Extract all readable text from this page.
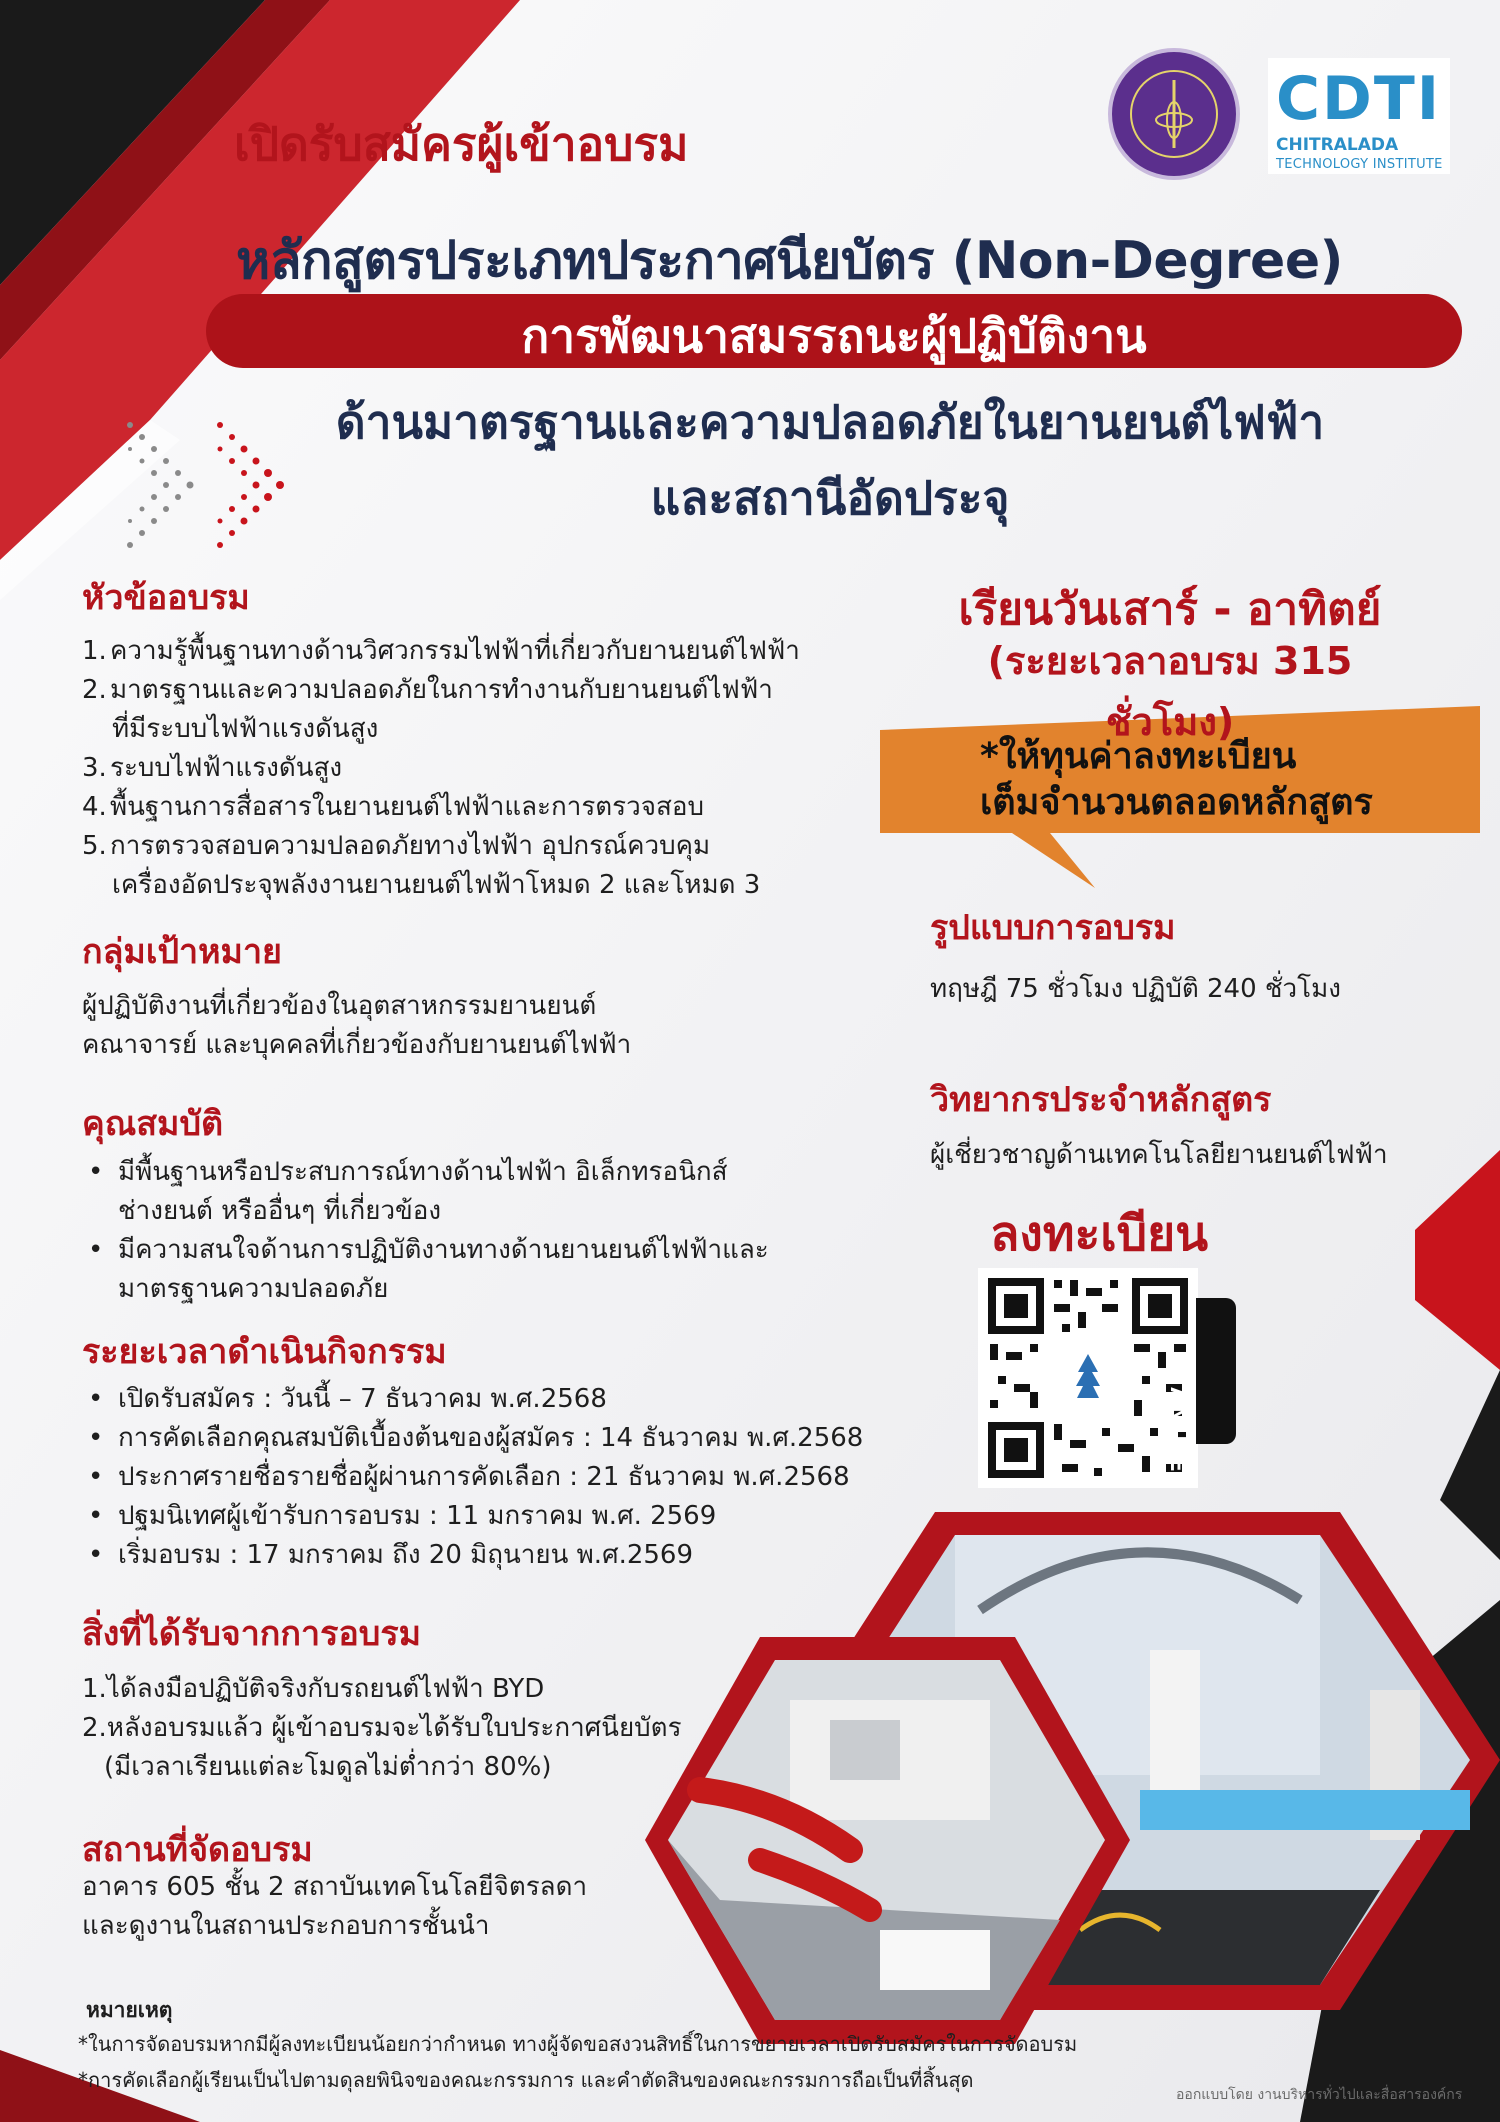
CDTI
CHITRALADA
TECHNOLOGY INSTITUTE
เปิดรับสมัครผู้เข้าอบรม
หลักสูตรประเภทประกาศนียบัตร (Non-Degree)
การพัฒนาสมรรถนะผู้ปฏิบัติงาน
ด้านมาตรฐานและความปลอดภัยในยานยนต์ไฟฟ้า
และสถานีอัดประจุ
หัวข้ออบรม
1. ความรู้พื้นฐานทางด้านวิศวกรรมไฟฟ้าที่เกี่ยวกับยานยนต์ไฟฟ้า
2. มาตรฐานและความปลอดภัยในการทำงานกับยานยนต์ไฟฟ้า
ที่มีระบบไฟฟ้าแรงดันสูง
3. ระบบไฟฟ้าแรงดันสูง
4. พื้นฐานการสื่อสารในยานยนต์ไฟฟ้าและการตรวจสอบ
5. การตรวจสอบความปลอดภัยทางไฟฟ้า อุปกรณ์ควบคุม
เครื่องอัดประจุพลังงานยานยนต์ไฟฟ้าโหมด 2 และโหมด 3
กลุ่มเป้าหมาย
ผู้ปฏิบัติงานที่เกี่ยวข้องในอุตสาหกรรมยานยนต์
คณาจารย์ และบุคคลที่เกี่ยวข้องกับยานยนต์ไฟฟ้า
คุณสมบัติ
• มีพื้นฐานหรือประสบการณ์ทางด้านไฟฟ้า อิเล็กทรอนิกส์
ช่างยนต์ หรืออื่นๆ ที่เกี่ยวข้อง
• มีความสนใจด้านการปฏิบัติงานทางด้านยานยนต์ไฟฟ้าและ
มาตรฐานความปลอดภัย
ระยะเวลาดำเนินกิจกรรม
• เปิดรับสมัคร : วันนี้ – 7 ธันวาคม พ.ศ.2568
• การคัดเลือกคุณสมบัติเบื้องต้นของผู้สมัคร : 14 ธันวาคม พ.ศ.2568
• ประกาศรายชื่อรายชื่อผู้ผ่านการคัดเลือก : 21 ธันวาคม พ.ศ.2568
• ปฐมนิเทศผู้เข้ารับการอบรม : 11 มกราคม พ.ศ. 2569
• เริ่มอบรม : 17 มกราคม ถึง 20 มิถุนายน พ.ศ.2569
สิ่งที่ได้รับจากการอบรม
1.ได้ลงมือปฏิบัติจริงกับรถยนต์ไฟฟ้า BYD
2.หลังอบรมแล้ว ผู้เข้าอบรมจะได้รับใบประกาศนียบัตร
(มีเวลาเรียนแต่ละโมดูลไม่ต่ำกว่า 80%)
สถานที่จัดอบรม
อาคาร 605 ชั้น 2 สถาบันเทคโนโลยีจิตรลดา
และดูงานในสถานประกอบการชั้นนำ
เรียนวันเสาร์ - อาทิตย์
(ระยะเวลาอบรม 315 ชั่วโมง)
*ให้ทุนค่าลงทะเบียน
เต็มจำนวนตลอดหลักสูตร
รูปแบบการอบรม
ทฤษฎี 75 ชั่วโมง ปฏิบัติ 240 ชั่วโมง
วิทยากรประจำหลักสูตร
ผู้เชี่ยวชาญด้านเทคโนโลยียานยนต์ไฟฟ้า
ลงทะเบียน
SCAN ME
หมายเหตุ
*ในการจัดอบรมหากมีผู้ลงทะเบียนน้อยกว่ากำหนด ทางผู้จัดขอสงวนสิทธิ์ในการขยายเวลาเปิดรับสมัครในการจัดอบรม
*การคัดเลือกผู้เรียนเป็นไปตามดุลยพินิจของคณะกรรมการ และคำตัดสินของคณะกรรมการถือเป็นที่สิ้นสุด
ออกแบบโดย งานบริหารทั่วไปและสื่อสารองค์กร
